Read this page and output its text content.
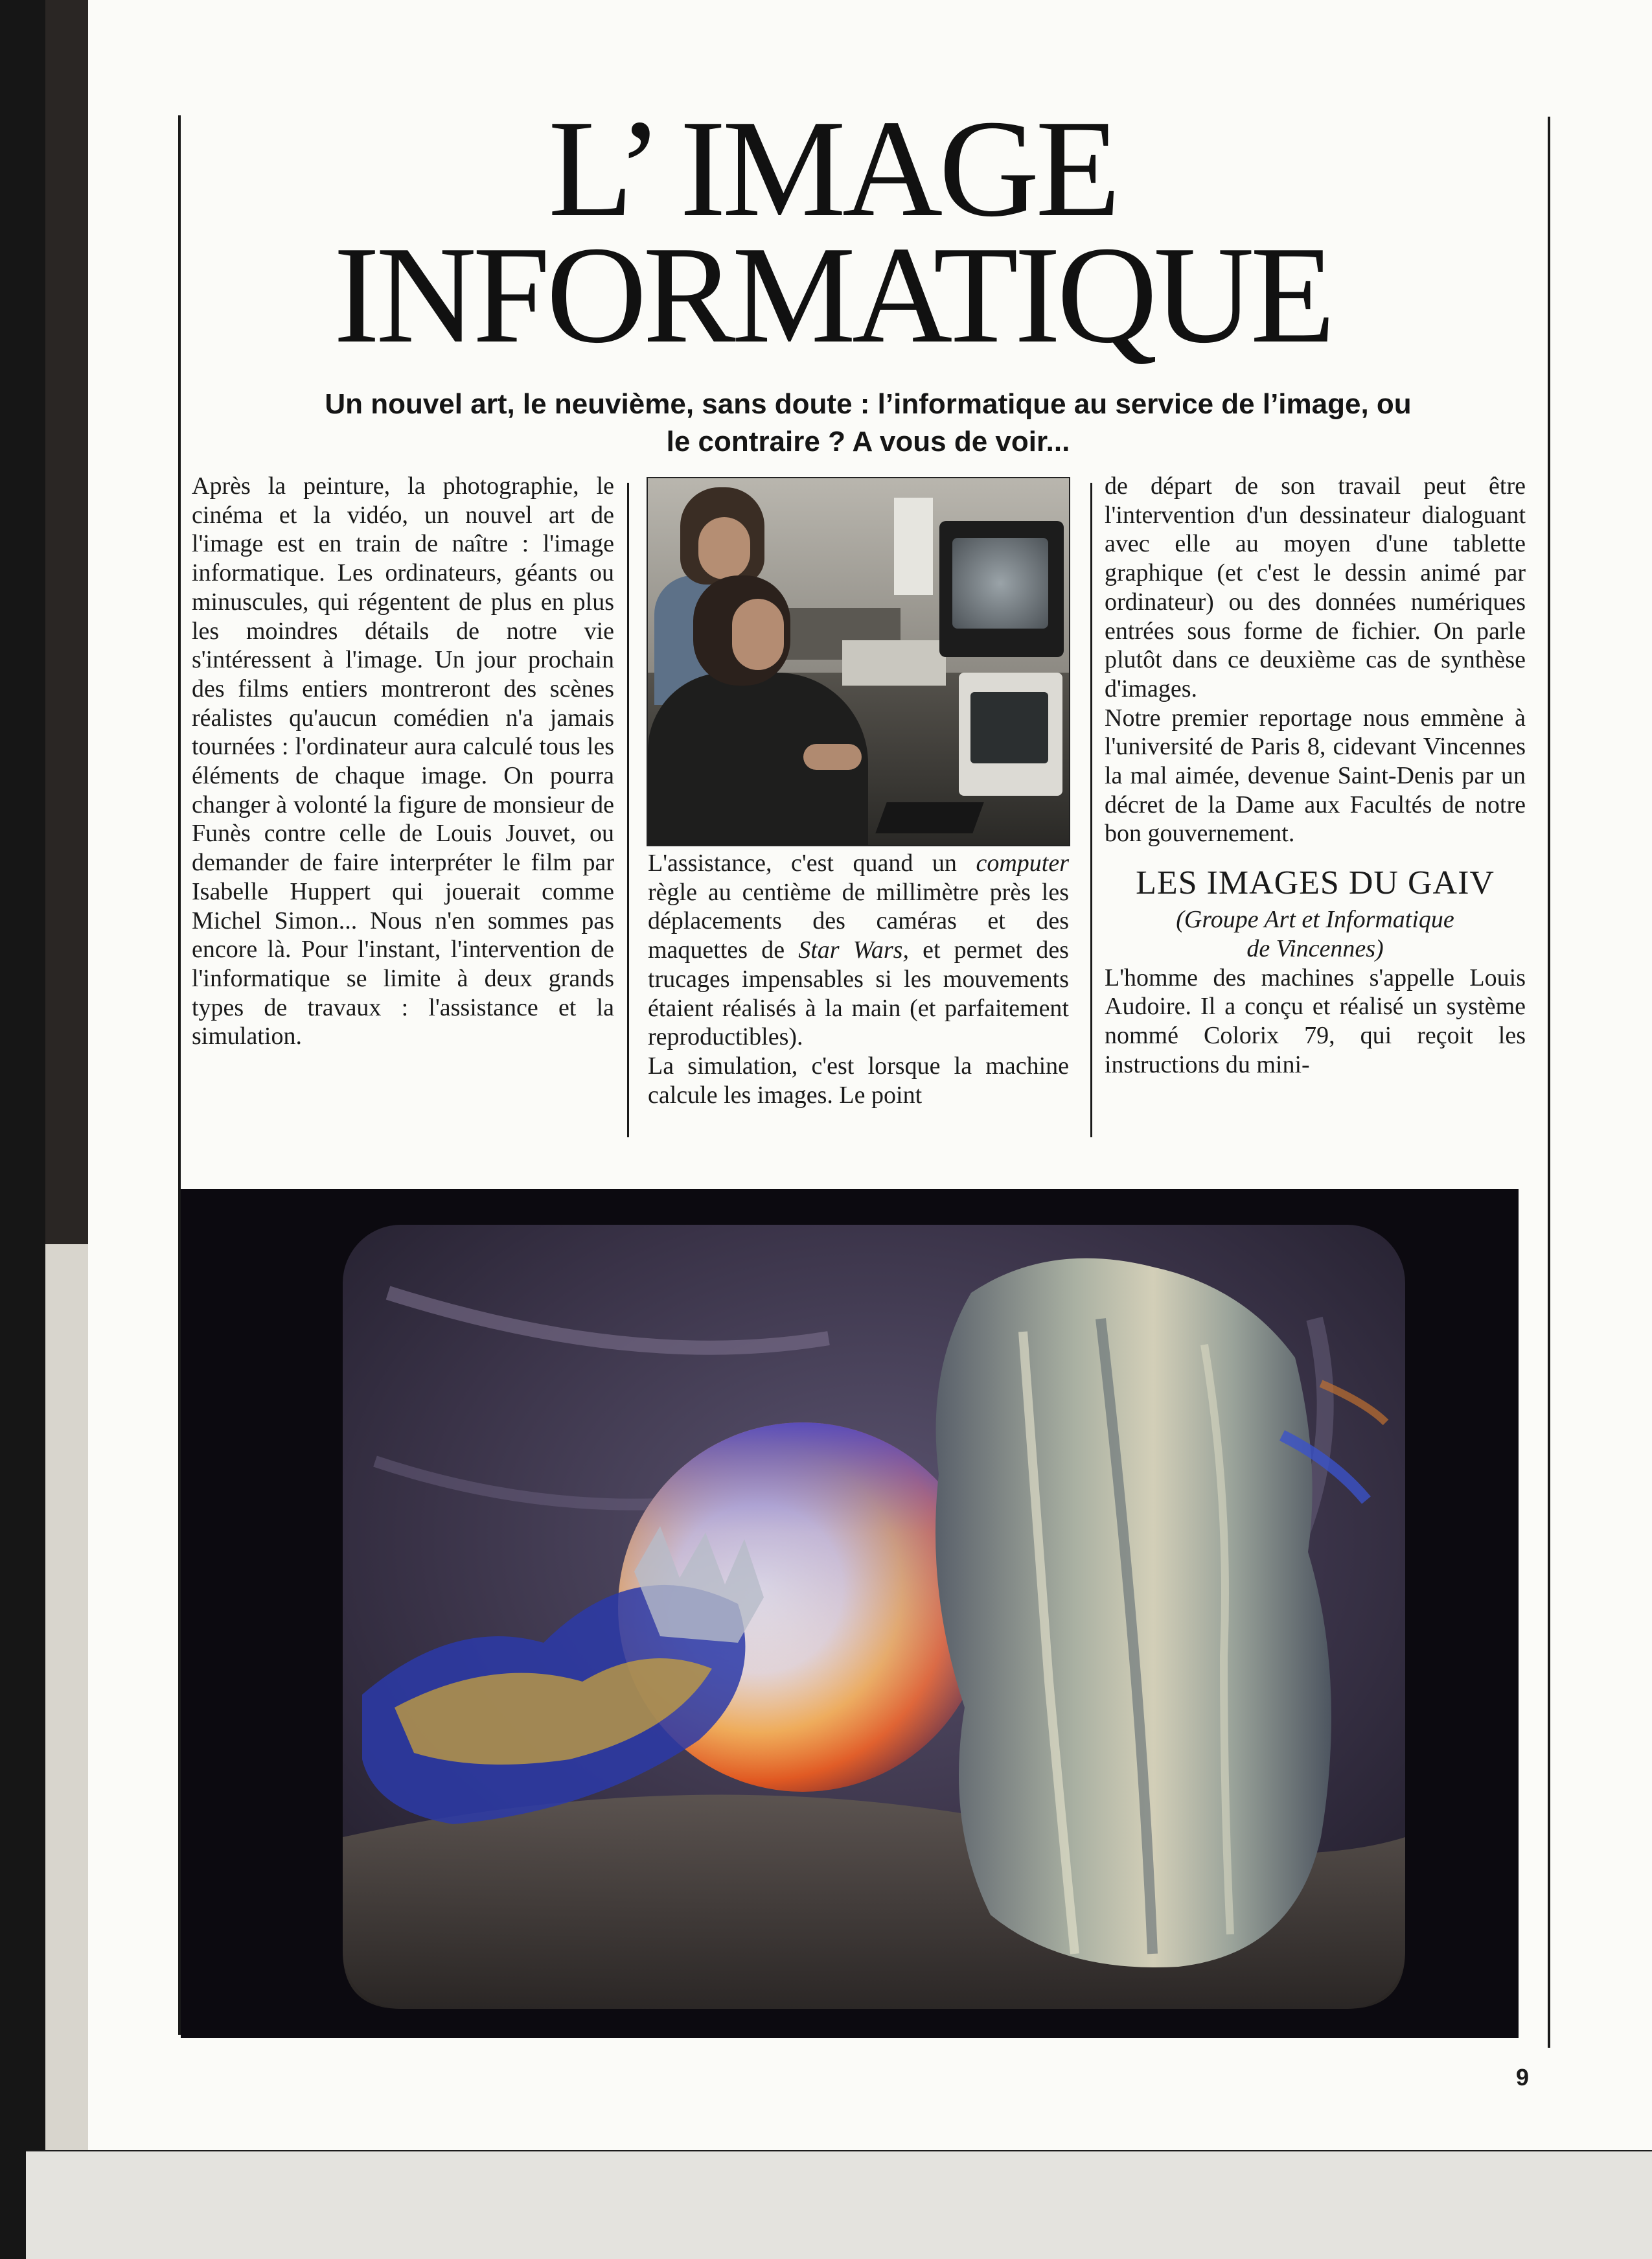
L’ IMAGE
INFORMATIQUE
Un nouvel art, le neuvième, sans doute : l’informatique au service de l’image, ou
le contraire ? A vous de voir...

Après la peinture, la photographie, le cinéma et la vidéo, un nouvel art de l'image est en train de naître : l'image informatique. Les ordinateurs, géants ou minuscules, qui régentent de plus en plus les moindres détails de notre vie s'intéressent à l'image. Un jour prochain des films entiers montreront des scènes réalistes qu'aucun comédien n'a jamais tournées : l'ordinateur aura calculé tous les éléments de chaque image. On pourra changer à volonté la figure de monsieur de Funès contre celle de Louis Jouvet, ou demander de faire interpréter le film par Isabelle Huppert qui jouerait comme Michel Simon... Nous n'en sommes pas encore là. Pour l'instant, l'intervention de l'informatique se limite à deux grands types de travaux : l'assistance et la simulation.

L'assistance, c'est quand un computer règle au centième de millimètre près les déplacements des caméras et des maquettes de Star Wars, et permet des trucages impensables si les mouvements étaient réalisés à la main (et parfaitement reproductibles).

La simulation, c'est lorsque la machine calcule les images. Le point

de départ de son travail peut être l'intervention d'un dessinateur dialoguant avec elle au moyen d'une tablette graphique (et c'est le dessin animé par ordinateur) ou des données numériques entrées sous forme de fichier. On parle plutôt dans ce deuxième cas de synthèse d'images.

Notre premier reportage nous emmène à l'université de Paris 8, cidevant Vincennes la mal aimée, devenue Saint-Denis par un décret de la Dame aux Facultés de notre bon gouvernement.

LES IMAGES DU GAIV

(Groupe Art et Informatique
de Vincennes)

L'homme des machines s'appelle Louis Audoire. Il a conçu et réalisé un système nommé Colorix 79, qui reçoit les instructions du mini-

9
